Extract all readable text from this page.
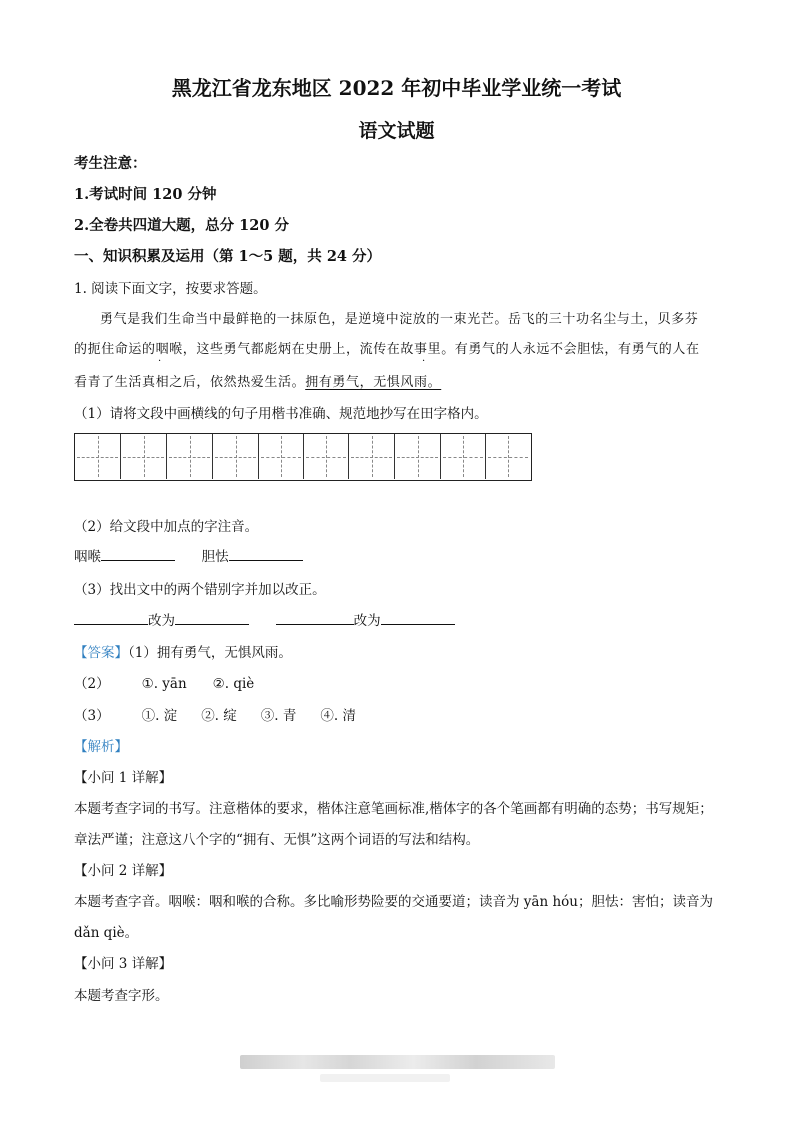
黑龙江省龙东地区 2022 年初中毕业学业统一考试
语文试题
考生注意：
1.考试时间 120 分钟
2.全卷共四道大题，总分 120 分
一、知识积累及运用（第 1～5 题，共 24 分）
1. 阅读下面文字，按要求答题。
勇气是我们生命当中最鲜艳的一抹原色，是逆境中淀放的一束光芒。岳飞的三十功名尘与土，贝多芬
的扼住命运的咽喉，这些勇气都彪炳在史册上，流传在故事里。有勇气的人永远不会胆怯，有勇气的人在
看青了生活真相之后，依然热爱生活。拥有勇气，无惧风雨。
·	·
（1）请将文段中画横线的句子用楷书准确、规范地抄写在田字格内。
（2）给文段中加点的字注音。
咽喉	胆怯
（3）找出文中的两个错别字并加以改正。
改为	改为
【答案】（1）拥有勇气，无惧风雨。
（2） ①. yān ②. qiè
（3） ①. 淀 ②. 绽 ③. 青 ④. 清
【解析】
【小问 1 详解】
本题考查字词的书写。注意楷体的要求，楷体注意笔画标准,楷体字的各个笔画都有明确的态势；书写规矩；
章法严谨；注意这八个字的“拥有、无惧”这两个词语的写法和结构。
【小问 2 详解】
本题考查字音。咽喉：咽和喉的合称。多比喻形势险要的交通要道；读音为 yān hóu；胆怯：害怕；读音为
dǎn qiè。
【小问 3 详解】
本题考查字形。
